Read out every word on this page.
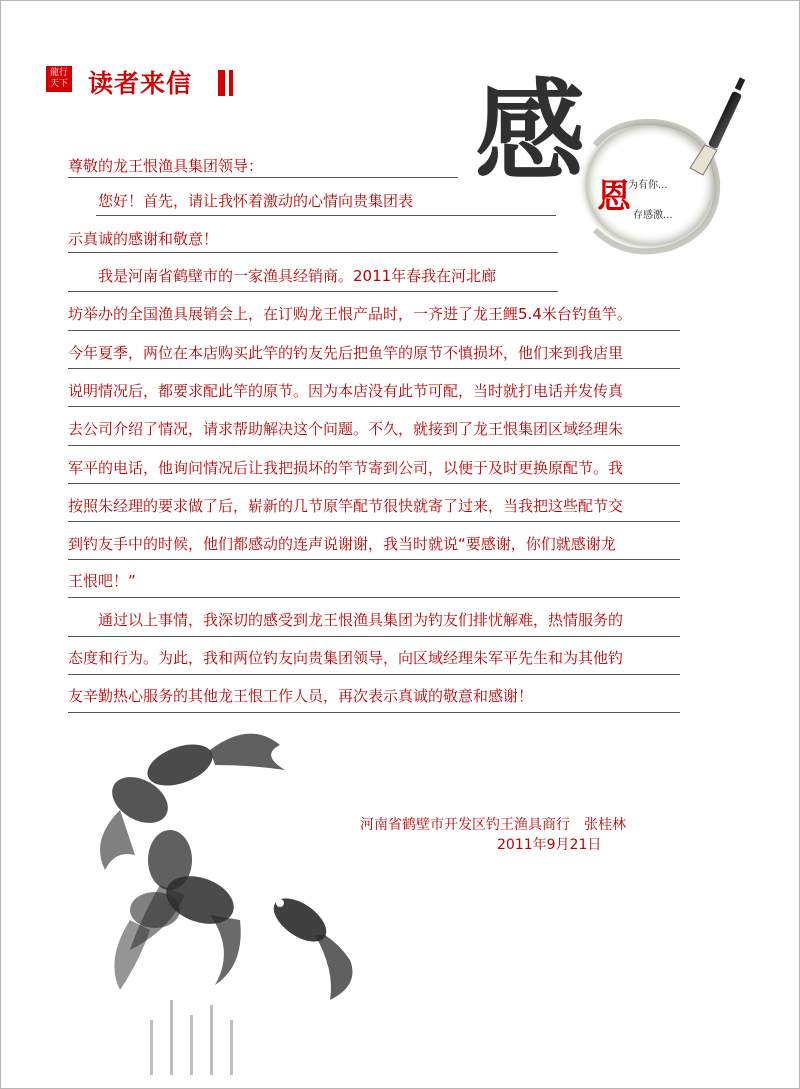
龍行
天下 读者来信	感
恩
为有你...
存感激...
尊敬的龙王恨渔具集团领导：
您好！首先，请让我怀着激动的心情向贵集团表
示真诚的感谢和敬意！
我是河南省鹤壁市的一家渔具经销商。2011年春我在河北廊
坊举办的全国渔具展销会上，在订购龙王恨产品时，一齐进了龙王鲤5.4米台钓鱼竿。
今年夏季，两位在本店购买此竿的钓友先后把鱼竿的原节不慎损坏，他们来到我店里
说明情况后，都要求配此竿的原节。因为本店没有此节可配，当时就打电话并发传真
去公司介绍了情况，请求帮助解决这个问题。不久，就接到了龙王恨集团区域经理朱
军平的电话，他询问情况后让我把损坏的竿节寄到公司，以便于及时更换原配节。我
按照朱经理的要求做了后，崭新的几节原竿配节很快就寄了过来，当我把这些配节交
到钓友手中的时候，他们都感动的连声说谢谢，我当时就说“要感谢，你们就感谢龙
王恨吧！”
通过以上事情，我深切的感受到龙王恨渔具集团为钓友们排忧解难，热情服务的
态度和行为。为此，我和两位钓友向贵集团领导，向区域经理朱军平先生和为其他钓
友辛勤热心服务的其他龙王恨工作人员，再次表示真诚的敬意和感谢！
河南省鹤壁市开发区钓王渔具商行　张桂林
2011年9月21日
